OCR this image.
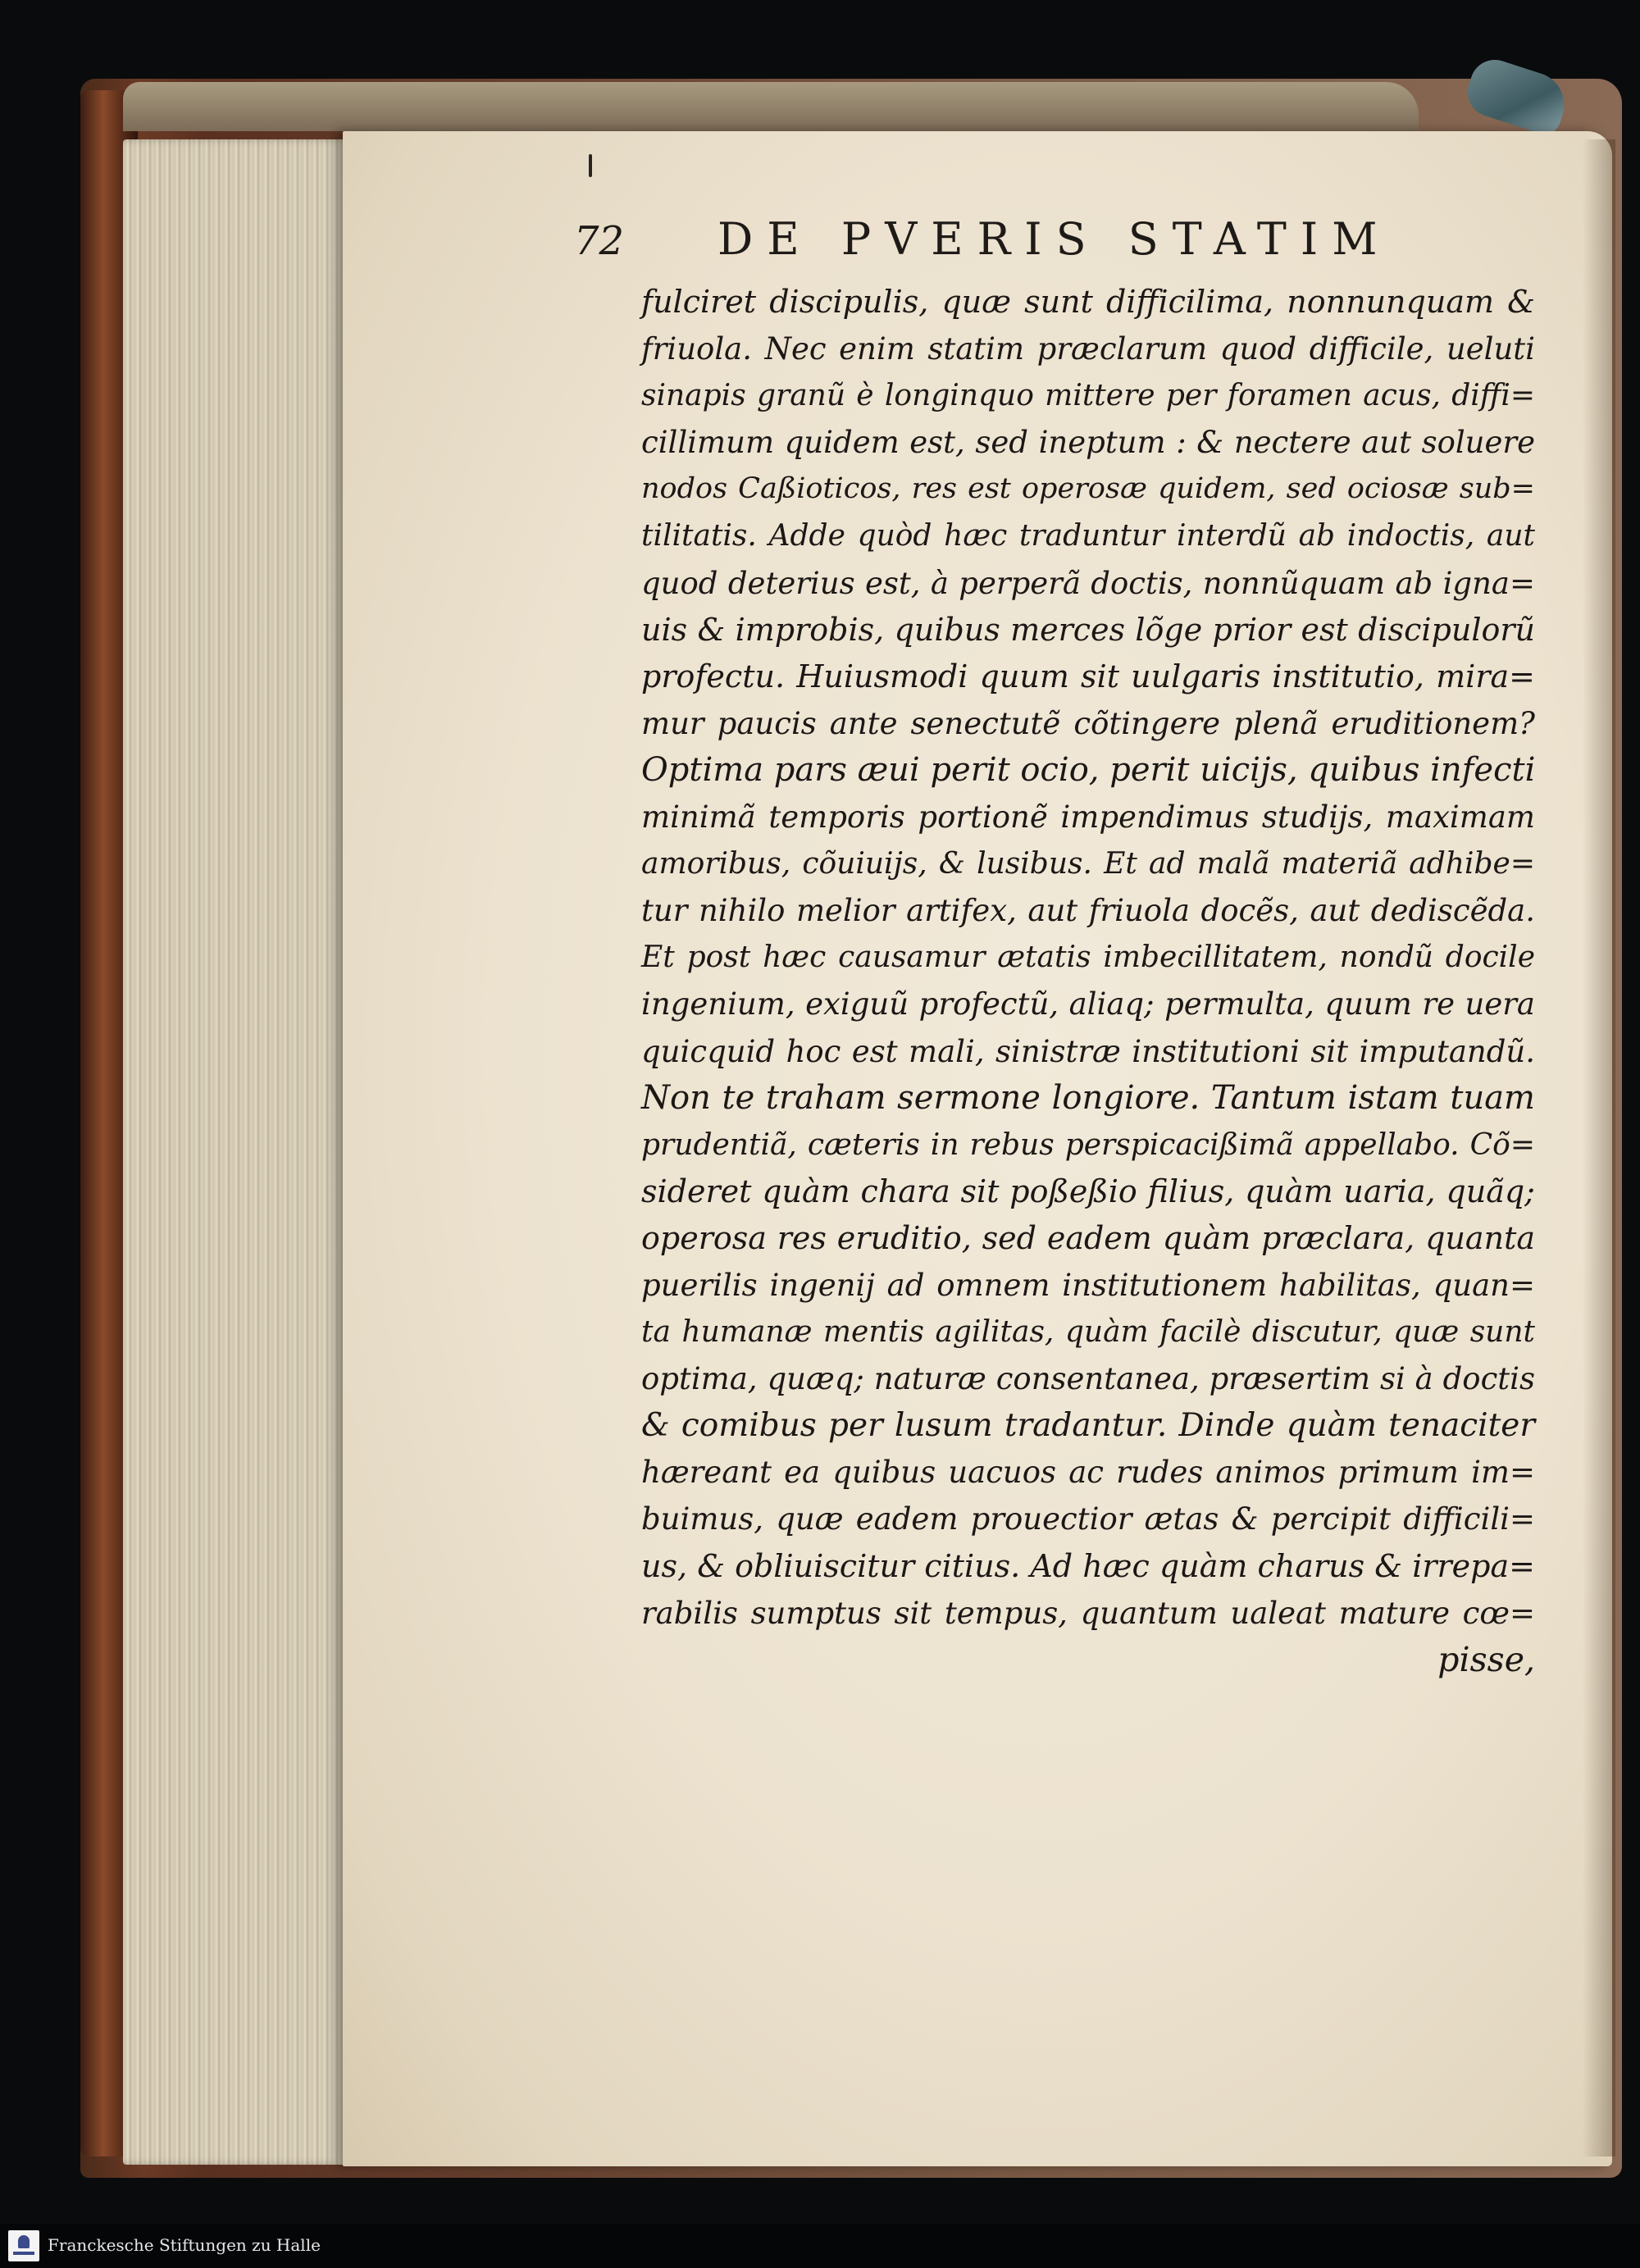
72 DE PVERIS STATIM
fulciret discipulis, quæ sunt difficilima, nonnunquam &
friuola. Nec enim statim præclarum quod difficile, ueluti
sinapis granũ è longinquo mittere per foramen acus, diffi=
cillimum quidem est, sed ineptum : & nectere aut soluere
nodos Caßioticos, res est operosæ quidem, sed ociosæ sub=
tilitatis. Adde quòd hæc traduntur interdũ ab indoctis, aut
quod deterius est, à perperã doctis, nonnũquam ab igna=
uis & improbis, quibus merces lõge prior est discipulorũ
profectu. Huiusmodi quum sit uulgaris institutio, mira=
mur paucis ante senectutẽ cõtingere plenã eruditionem?
Optima pars æui perit ocio, perit uicijs, quibus infecti
minimã temporis portionẽ impendimus studijs, maximam
amoribus, cõuiuijs, & lusibus. Et ad malã materiã adhibe=
tur nihilo melior artifex, aut friuola docẽs, aut dediscẽda.
Et post hæc causamur ætatis imbecillitatem, nondũ docile
ingenium, exiguũ profectũ, aliaq; permulta, quum re uera
quicquid hoc est mali, sinistræ institutioni sit imputandũ.
Non te traham sermone longiore. Tantum istam tuam
prudentiã, cæteris in rebus perspicacißimã appellabo. Cõ=
sideret quàm chara sit poßeßio filius, quàm uaria, quãq;
operosa res eruditio, sed eadem quàm præclara, quanta
puerilis ingenij ad omnem institutionem habilitas, quan=
ta humanæ mentis agilitas, quàm facilè discutur, quæ sunt
optima, quæq; naturæ consentanea, præsertim si à doctis
& comibus per lusum tradantur. Dinde quàm tenaciter
hæreant ea quibus uacuos ac rudes animos primum im=
buimus, quæ eadem prouectior ætas & percipit difficili=
us, & obliuiscitur citius. Ad hæc quàm charus & irrepa=
rabilis sumptus sit tempus, quantum ualeat mature cœ=
pisse,
Franckesche Stiftungen zu Halle
